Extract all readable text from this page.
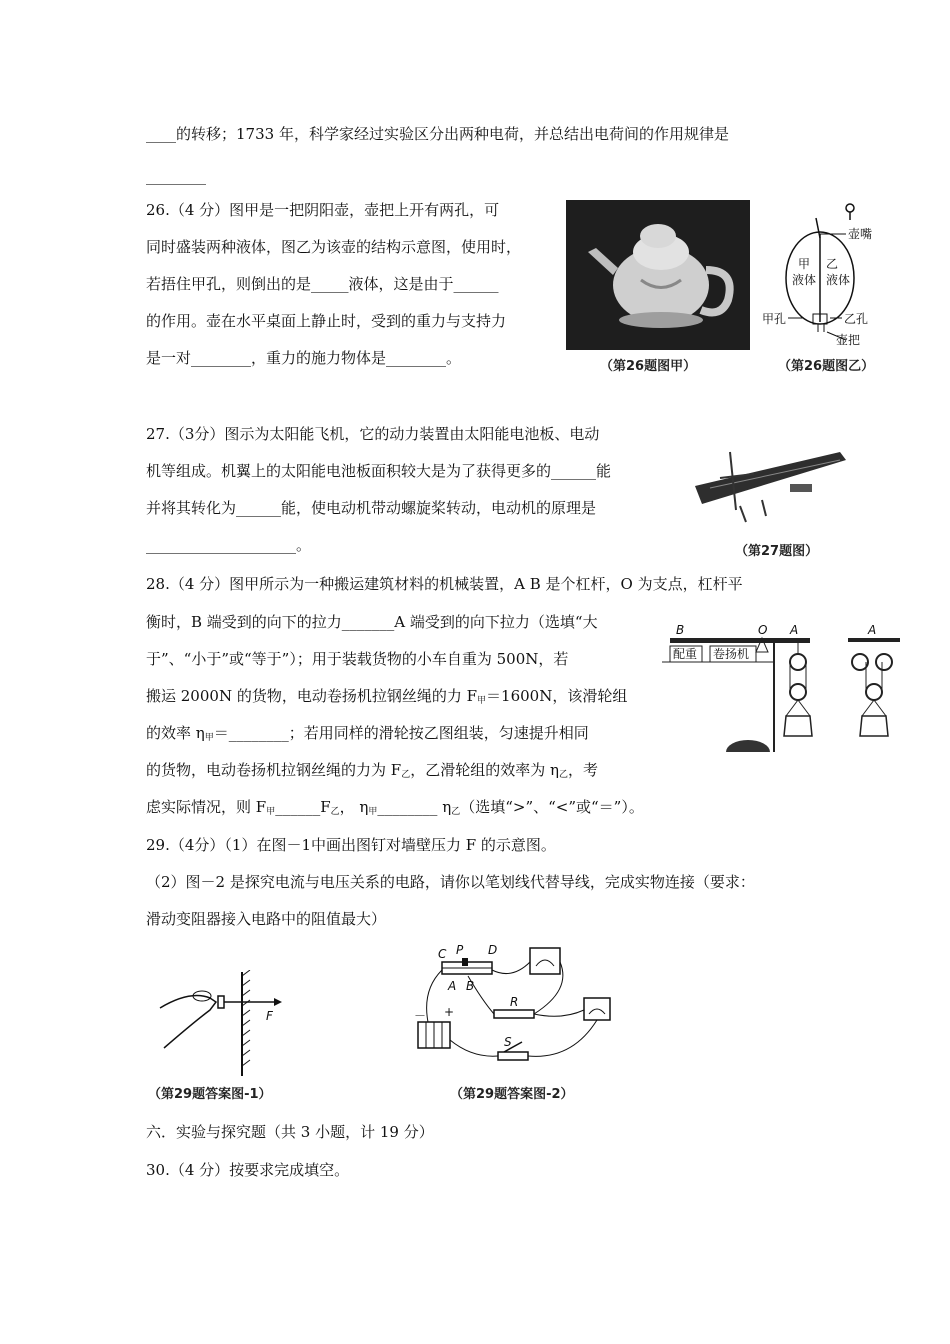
____的转移；1733 年，科学家经过实验区分出两种电荷，并总结出电荷间的作用规律是
________
26.（4 分）图甲是一把阴阳壶，壶把上开有两孔，可
同时盛装两种液体，图乙为该壶的结构示意图，使用时，
若捂住甲孔，则倒出的是_____液体，这是由于______
的作用。壶在水平桌面上静止时，受到的重力与支持力
是一对________，重力的施力物体是________。	（第26题图甲）
壶嘴
甲
液体
乙
液体
甲孔	乙孔
壶把
（第26题图乙）
27.（3分）图示为太阳能飞机，它的动力装置由太阳能电池板、电动
机等组成。机翼上的太阳能电池板面积较大是为了获得更多的______能
并将其转化为______能，使电动机带动螺旋桨转动，电动机的原理是
____________________。	（第27题图）
28.（4 分）图甲所示为一种搬运建筑材料的机械装置，A B 是个杠杆，O 为支点，杠杆平
衡时，B 端受到的向下的拉力_______A 端受到的向下拉力（选填“大
于”、“小于”或“等于”）；用于装载货物的小车自重为 500N，若
搬运 2000N 的货物，电动卷扬机拉钢丝绳的力 $F_甲=1600N$，该滑轮组
的效率 $\eta_甲=\_\_\_\_\_\_\_\_$；若用同样的滑轮按乙图组装，匀速提升相同
的货物，电动卷扬机拉钢丝绳的力为 $F_乙$，乙滑轮组的效率为 $\eta_乙$，考
虑实际情况，则 $F_甲\_\_\_\_\_\_F_乙$， $\eta_甲\_\_\_\_\_\_\_\_$ $\eta_乙$（选填“>”、“<”或“＝”）。
B	O A	A
配重 卷扬机
29.（4分）（1）在图－1中画出图钉对墙壁压力 F 的示意图。
（2）图－2 是探究电流与电压关系的电路，请你以笔划线代替导线，完成实物连接（要求：
滑动变阻器接入电路中的阻值最大）
F
（第29题答案图-1）
C P D
A B
R
－ +
S
（第29题答案图-2）
六．实验与探究题（共 3 小题，计 19 分）
30.（4 分）按要求完成填空。
